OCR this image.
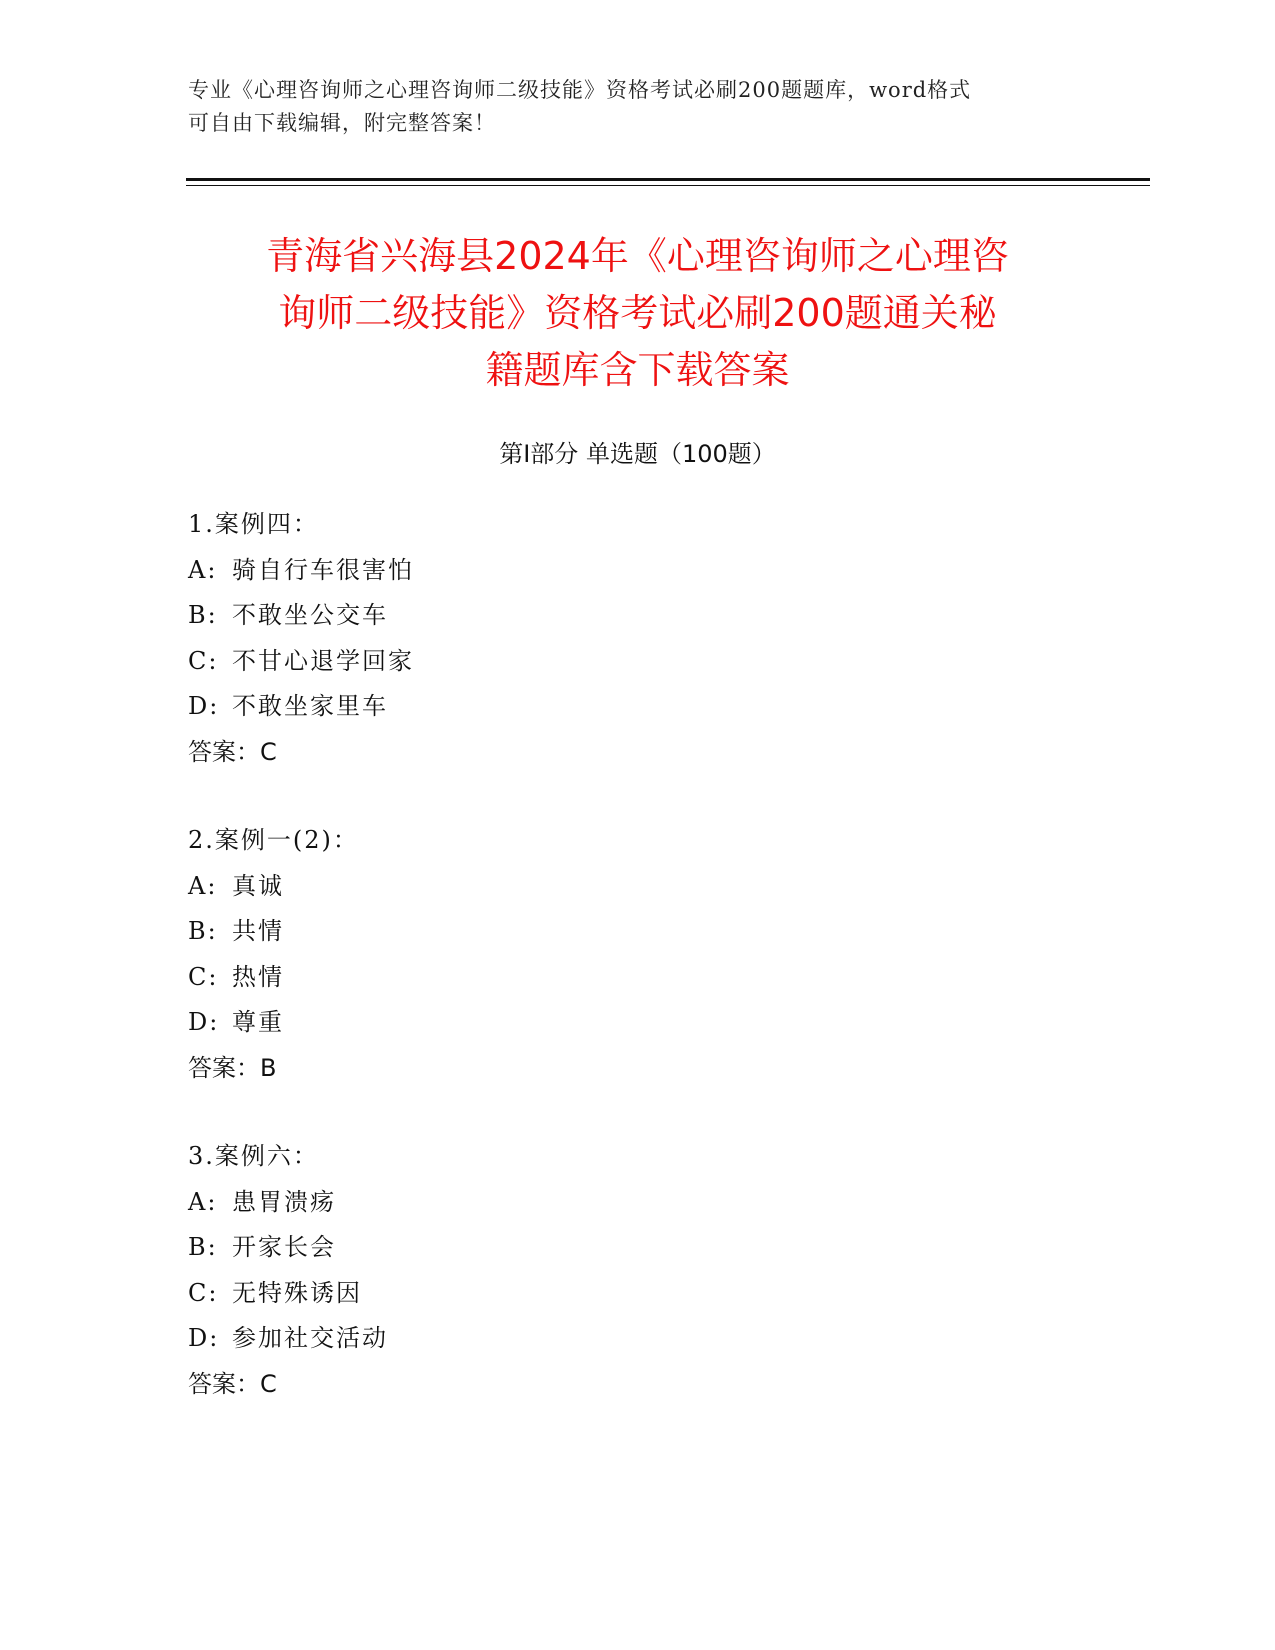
专业《心理咨询师之心理咨询师二级技能》资格考试必刷200题题库，word格式
可自由下载编辑，附完整答案！
青海省兴海县2024年《心理咨询师之心理咨
询师二级技能》资格考试必刷200题通关秘
籍题库含下载答案
第Ⅰ部分 单选题（100题）
1.案例四：
A: 骑自行车很害怕
B: 不敢坐公交车
C: 不甘心退学回家
D: 不敢坐家里车
答案：C
2.案例一(2)：
A: 真诚
B: 共情
C: 热情
D: 尊重
答案：B
3.案例六：
A: 患胃溃疡
B: 开家长会
C: 无特殊诱因
D: 参加社交活动
答案：C
